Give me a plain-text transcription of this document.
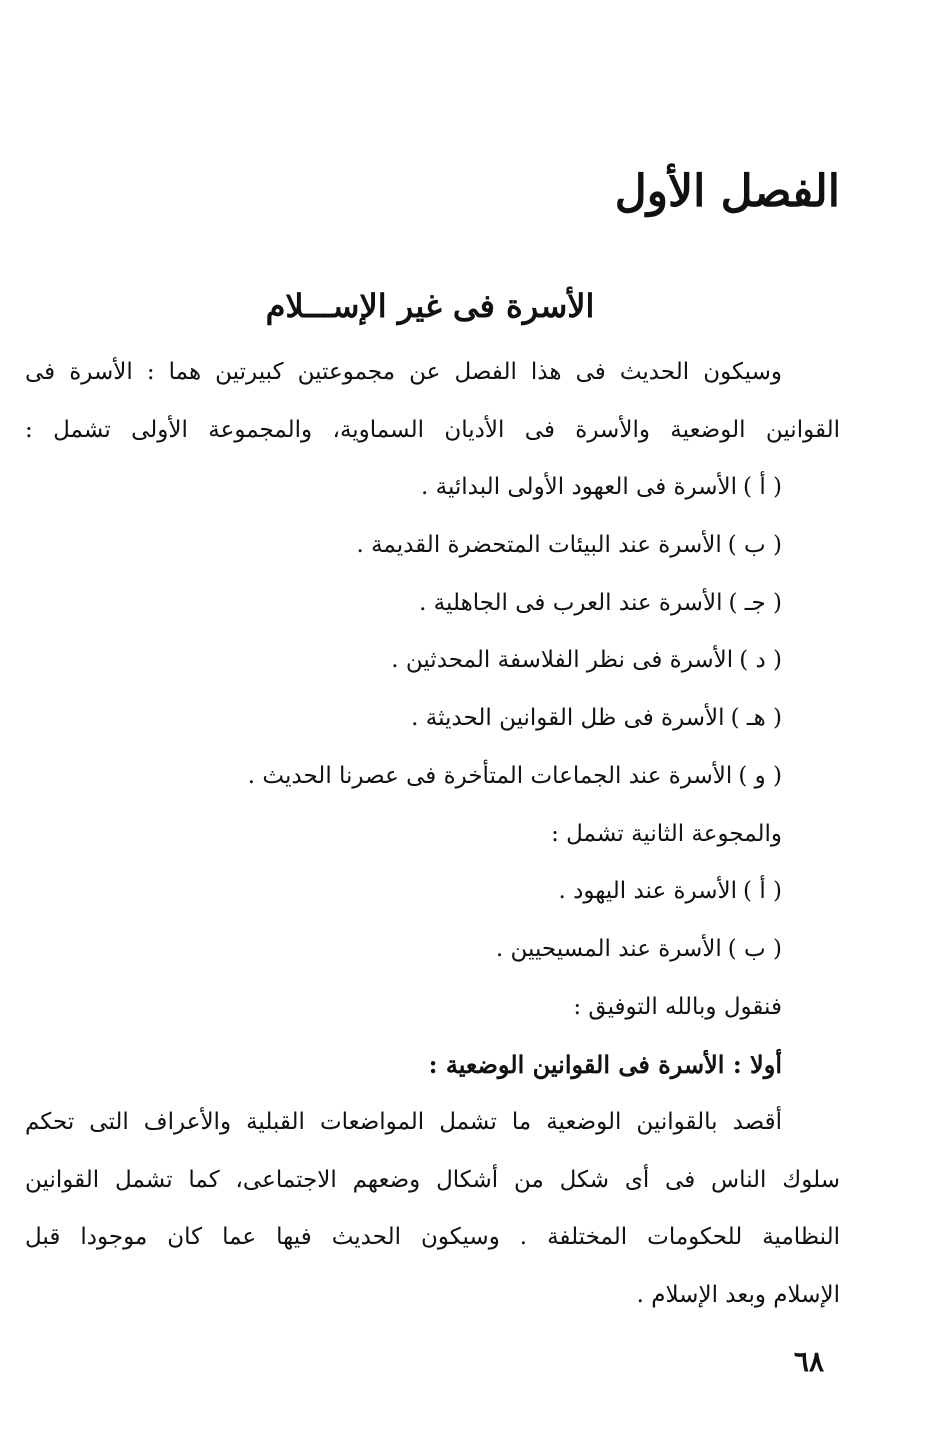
الفصل الأول
الأسرة فى غير الإســـلام
وسيكون الحديث فى هذا الفصل عن مجموعتين كبيرتين هما : الأسرة فى
القوانين الوضعية والأسرة فى الأديان السماوية، والمجموعة الأولى تشمل :
( أ )الأسرة فى العهود الأولى البدائية .
( ب )الأسرة عند البيئات المتحضرة القديمة .
( جـ )الأسرة عند العرب فى الجاهلية .
( د )الأسرة فى نظر الفلاسفة المحدثين .
( هـ )الأسرة فى ظل القوانين الحديثة .
( و )الأسرة عند الجماعات المتأخرة فى عصرنا الحديث .
والمجوعة الثانية تشمل :
( أ )الأسرة عند اليهود .
( ب )الأسرة عند المسيحيين .
فنقول وبالله التوفيق :
أولا : الأسرة فى القوانين الوضعية :
أقصد بالقوانين الوضعية ما تشمل المواضعات القبلية والأعراف التى تحكم
سلوك الناس فى أى شكل من أشكال وضعهم الاجتماعى، كما تشمل القوانين
النظامية للحكومات المختلفة . وسيكون الحديث فيها عما كان موجودا قبل
الإسلام وبعد الإسلام .
٦٨
